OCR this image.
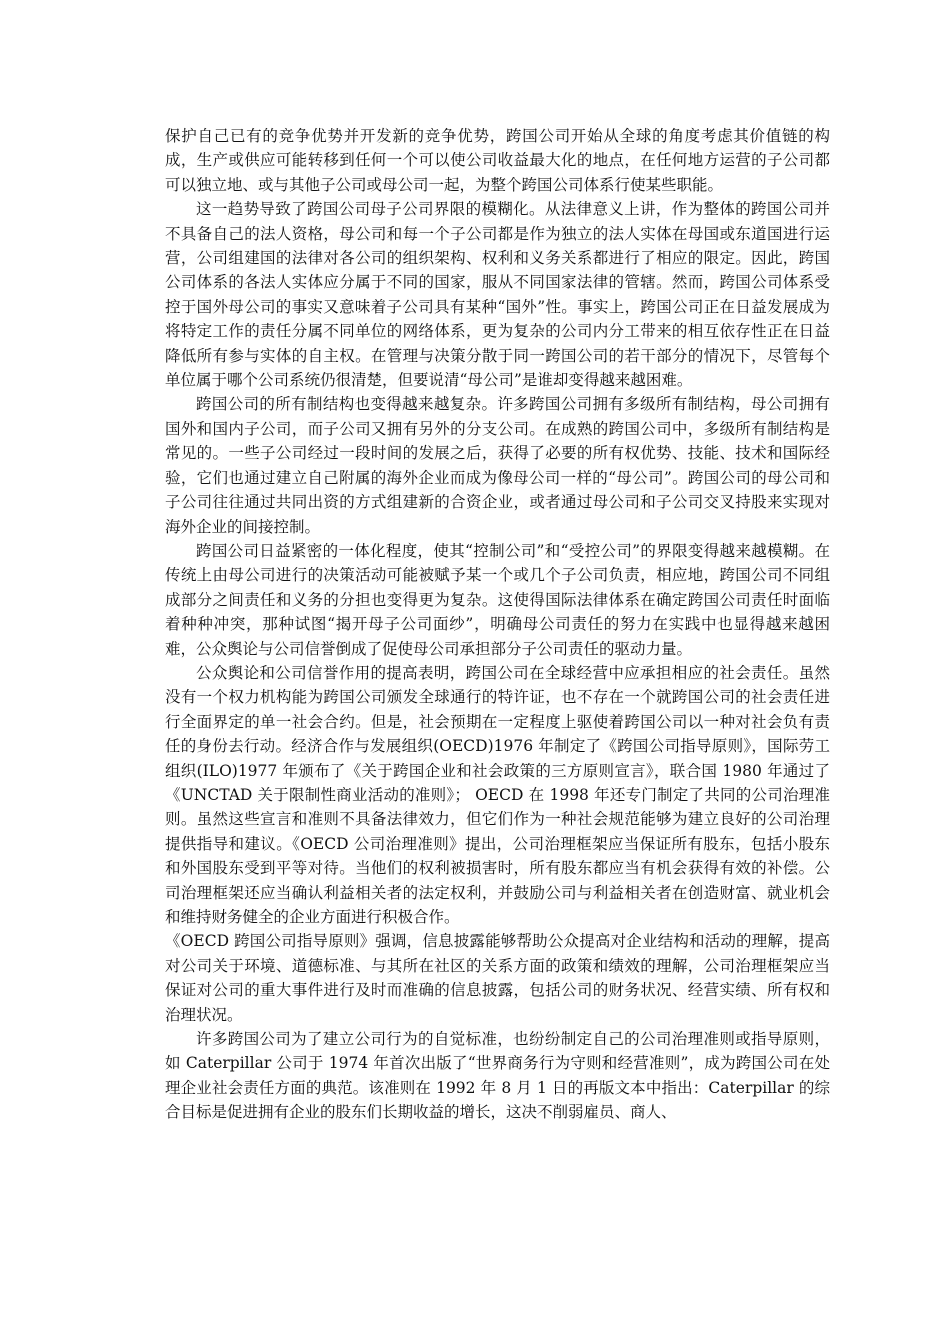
保护自己已有的竞争优势并开发新的竞争优势，跨国公司开始从全球的角度考虑其价值链的构成，生产或供应可能转移到任何一个可以使公司收益最大化的地点，在任何地方运营的子公司都可以独立地、或与其他子公司或母公司一起，为整个跨国公司体系行使某些职能。

这一趋势导致了跨国公司母子公司界限的模糊化。从法律意义上讲，作为整体的跨国公司并不具备自己的法人资格，母公司和每一个子公司都是作为独立的法人实体在母国或东道国进行运营，公司组建国的法律对各公司的组织架构、权利和义务关系都进行了相应的限定。因此，跨国公司体系的各法人实体应分属于不同的国家，服从不同国家法律的管辖。然而，跨国公司体系受控于国外母公司的事实又意味着子公司具有某种“国外”性。事实上，跨国公司正在日益发展成为将特定工作的责任分属不同单位的网络体系，更为复杂的公司内分工带来的相互依存性正在日益降低所有参与实体的自主权。在管理与决策分散于同一跨国公司的若干部分的情况下，尽管每个单位属于哪个公司系统仍很清楚，但要说清“母公司”是谁却变得越来越困难。

跨国公司的所有制结构也变得越来越复杂。许多跨国公司拥有多级所有制结构，母公司拥有国外和国内子公司，而子公司又拥有另外的分支公司。在成熟的跨国公司中，多级所有制结构是常见的。一些子公司经过一段时间的发展之后，获得了必要的所有权优势、技能、技术和国际经验，它们也通过建立自己附属的海外企业而成为像母公司一样的“母公司”。跨国公司的母公司和子公司往往通过共同出资的方式组建新的合资企业，或者通过母公司和子公司交叉持股来实现对海外企业的间接控制。

跨国公司日益紧密的一体化程度，使其“控制公司”和“受控公司”的界限变得越来越模糊。在传统上由母公司进行的决策活动可能被赋予某一个或几个子公司负责，相应地，跨国公司不同组成部分之间责任和义务的分担也变得更为复杂。这使得国际法律体系在确定跨国公司责任时面临着种种冲突，那种试图“揭开母子公司面纱”，明确母公司责任的努力在实践中也显得越来越困难，公众舆论与公司信誉倒成了促使母公司承担部分子公司责任的驱动力量。

公众舆论和公司信誉作用的提高表明，跨国公司在全球经营中应承担相应的社会责任。虽然没有一个权力机构能为跨国公司颁发全球通行的特许证，也不存在一个就跨国公司的社会责任进行全面界定的单一社会合约。但是，社会预期在一定程度上驱使着跨国公司以一种对社会负有责任的身份去行动。经济合作与发展组织(OECD)1976 年制定了《跨国公司指导原则》，国际劳工组织(ILO)1977 年颁布了《关于跨国企业和社会政策的三方原则宣言》，联合国 1980 年通过了《UNCTAD 关于限制性商业活动的准则》； OECD 在 1998 年还专门制定了共同的公司治理准则。虽然这些宣言和准则不具备法律效力，但它们作为一种社会规范能够为建立良好的公司治理提供指导和建议。《OECD 公司治理准则》提出，公司治理框架应当保证所有股东，包括小股东和外国股东受到平等对待。当他们的权利被损害时，所有股东都应当有机会获得有效的补偿。公司治理框架还应当确认利益相关者的法定权利，并鼓励公司与利益相关者在创造财富、就业机会和维持财务健全的企业方面进行积极合作。

《OECD 跨国公司指导原则》强调，信息披露能够帮助公众提高对企业结构和活动的理解，提高对公司关于环境、道德标准、与其所在社区的关系方面的政策和绩效的理解，公司治理框架应当保证对公司的重大事件进行及时而准确的信息披露，包括公司的财务状况、经营实绩、所有权和治理状况。

许多跨国公司为了建立公司行为的自觉标准，也纷纷制定自己的公司治理准则或指导原则，如 Caterpillar 公司于 1974 年首次出版了“世界商务行为守则和经营准则”，成为跨国公司在处理企业社会责任方面的典范。该准则在 1992 年 8 月 1 日的再版文本中指出：Caterpillar 的综合目标是促进拥有企业的股东们长期收益的增长，这决不削弱雇员、商人、
